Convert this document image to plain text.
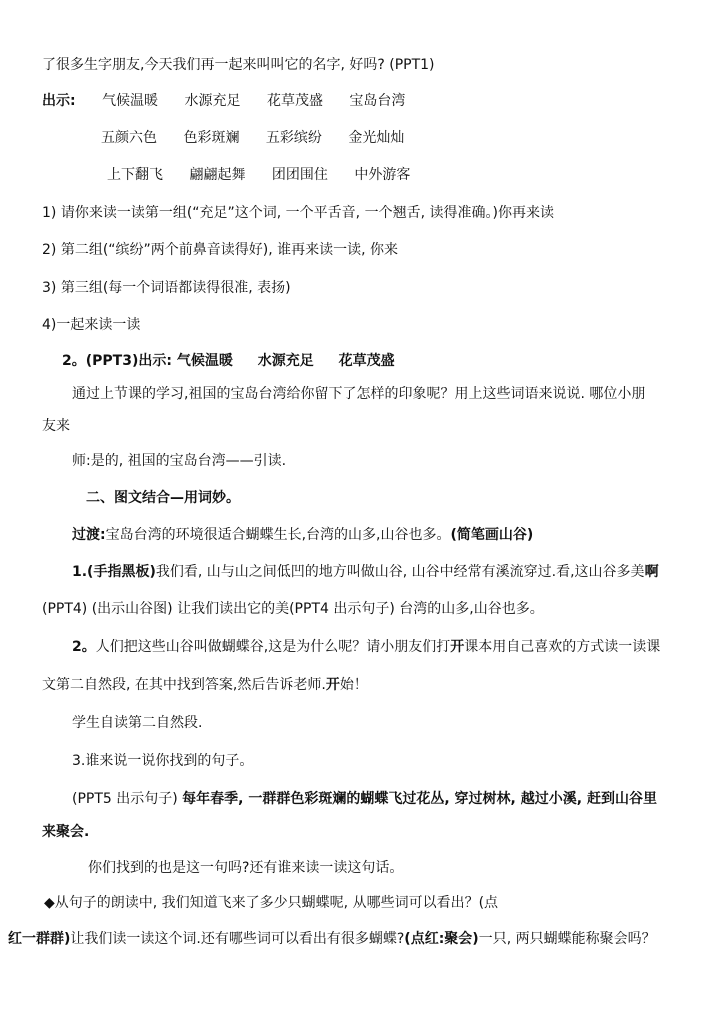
了很多生字朋友,今天我们再一起来叫叫它的名字, 好吗? (PPT1)
出示: 气候温暖 水源充足 花草茂盛 宝岛台湾
五颜六色 色彩斑斓 五彩缤纷 金光灿灿
上下翻飞 翩翩起舞 团团围住 中外游客
1) 请你来读一读第一组(“充足”这个词, 一个平舌音, 一个翘舌, 读得准确。)你再来读
2) 第二组(“缤纷”两个前鼻音读得好), 谁再来读一读, 你来
3) 第三组(每一个词语都读得很准, 表扬)
4)一起来读一读
2。(PPT3)出示: 气候温暖 水源充足 花草茂盛
通过上节课的学习,祖国的宝岛台湾给你留下了怎样的印象呢？用上这些词语来说说. 哪位小朋
友来
师:是的, 祖国的宝岛台湾——引读.
二、图文结合—用词妙。
过渡:宝岛台湾的环境很适合蝴蝶生长,台湾的山多,山谷也多。(简笔画山谷)
1.(手指黑板)我们看, 山与山之间低凹的地方叫做山谷, 山谷中经常有溪流穿过.看,这山谷多美啊
(PPT4) (出示山谷图) 让我们读出它的美(PPT4 出示句子) 台湾的山多,山谷也多。
2。人们把这些山谷叫做蝴蝶谷,这是为什么呢？请小朋友们打开课本用自己喜欢的方式读一读课
文第二自然段, 在其中找到答案,然后告诉老师.开始！
学生自读第二自然段.
3.谁来说一说你找到的句子。
(PPT5 出示句子) 每年春季, 一群群色彩斑斓的蝴蝶飞过花丛, 穿过树林, 越过小溪, 赶到山谷里
来聚会.
你们找到的也是这一句吗?还有谁来读一读这句话。
◆从句子的朗读中, 我们知道飞来了多少只蝴蝶呢, 从哪些词可以看出？(点
红一群群)让我们读一读这个词.还有哪些词可以看出有很多蝴蝶?(点红:聚会)一只, 两只蝴蝶能称聚会吗？
